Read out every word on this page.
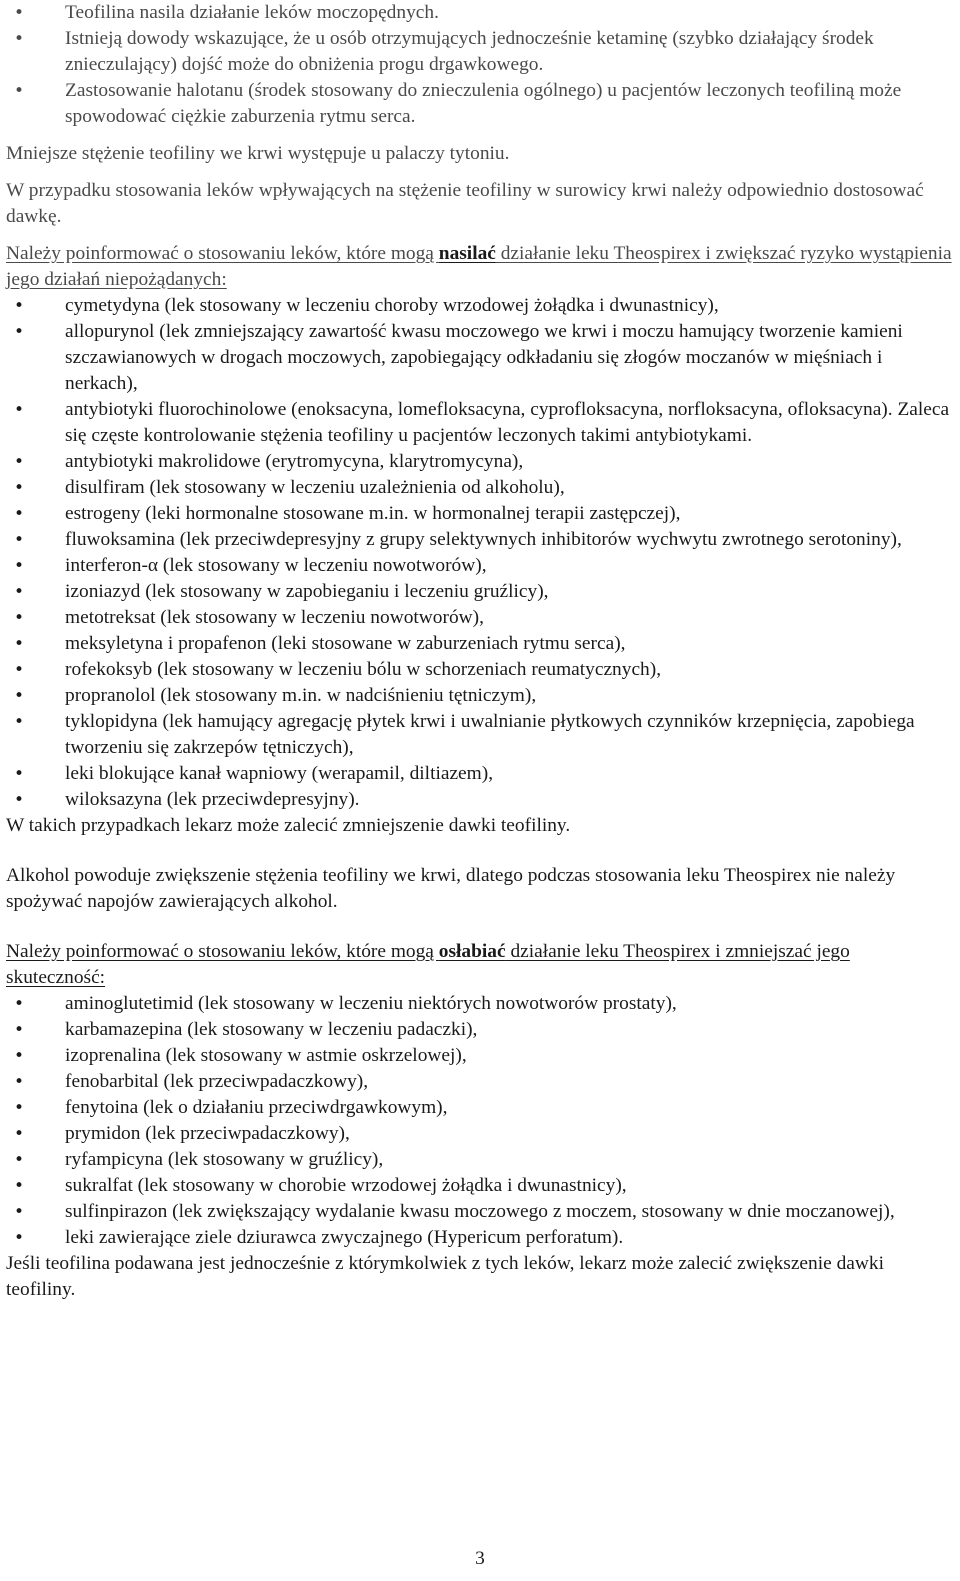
• Teofilina nasila działanie leków moczopędnych.
• Istnieją dowody wskazujące, że u osób otrzymujących jednocześnie ketaminę (szybko działający środek znieczulający) dojść może do obniżenia progu drgawkowego.
• Zastosowanie halotanu (środek stosowany do znieczulenia ogólnego) u pacjentów leczonych teofiliną może spowodować ciężkie zaburzenia rytmu serca.

Mniejsze stężenie teofiliny we krwi występuje u palaczy tytoniu.

W przypadku stosowania leków wpływających na stężenie teofiliny w surowicy krwi należy odpowiednio dostosować dawkę.

Należy poinformować o stosowaniu leków, które mogą nasilać działanie leku Theospirex i zwiększać ryzyko wystąpienia jego działań niepożądanych:

• cymetydyna (lek stosowany w leczeniu choroby wrzodowej żołądka i dwunastnicy),
• allopurynol (lek zmniejszający zawartość kwasu moczowego we krwi i moczu hamujący tworzenie kamieni szczawianowych w drogach moczowych, zapobiegający odkładaniu się złogów moczanów w mięśniach i nerkach),
• antybiotyki fluorochinolowe (enoksacyna, lomefloksacyna, cyprofloksacyna, norfloksacyna, ofloksacyna). Zaleca się częste kontrolowanie stężenia teofiliny u pacjentów leczonych takimi antybiotykami.
• antybiotyki makrolidowe (erytromycyna, klarytromycyna),
• disulfiram (lek stosowany w leczeniu uzależnienia od alkoholu),
• estrogeny (leki hormonalne stosowane m.in. w hormonalnej terapii zastępczej),
• fluwoksamina (lek przeciwdepresyjny z grupy selektywnych inhibitorów wychwytu zwrotnego serotoniny),
• interferon-α (lek stosowany w leczeniu nowotworów),
• izoniazyd (lek stosowany w zapobieganiu i leczeniu gruźlicy),
• metotreksat (lek stosowany w leczeniu nowotworów),
• meksyletyna i propafenon (leki stosowane w zaburzeniach rytmu serca),
• rofekoksyb (lek stosowany w leczeniu bólu w schorzeniach reumatycznych),
• propranolol (lek stosowany m.in. w nadciśnieniu tętniczym),
• tyklopidyna (lek hamujący agregację płytek krwi i uwalnianie płytkowych czynników krzepnięcia, zapobiega tworzeniu się zakrzepów tętniczych),
• leki blokujące kanał wapniowy (werapamil, diltiazem),
• wiloksazyna (lek przeciwdepresyjny).

W takich przypadkach lekarz może zalecić zmniejszenie dawki teofiliny.

Alkohol powoduje zwiększenie stężenia teofiliny we krwi, dlatego podczas stosowania leku Theospirex nie należy spożywać napojów zawierających alkohol.

Należy poinformować o stosowaniu leków, które mogą osłabiać działanie leku Theospirex i zmniejszać jego skuteczność:

• aminoglutetimid (lek stosowany w leczeniu niektórych nowotworów prostaty),
• karbamazepina (lek stosowany w leczeniu padaczki),
• izoprenalina (lek stosowany w astmie oskrzelowej),
• fenobarbital (lek przeciwpadaczkowy),
• fenytoina (lek o działaniu przeciwdrgawkowym),
• prymidon (lek przeciwpadaczkowy),
• ryfampicyna (lek stosowany w gruźlicy),
• sukralfat (lek stosowany w chorobie wrzodowej żołądka i dwunastnicy),
• sulfinpirazon (lek zwiększający wydalanie kwasu moczowego z moczem, stosowany w dnie moczanowej),
• leki zawierające ziele dziurawca zwyczajnego (Hypericum perforatum).

Jeśli teofilina podawana jest jednocześnie z którymkolwiek z tych leków, lekarz może zalecić zwiększenie dawki teofiliny.

3
